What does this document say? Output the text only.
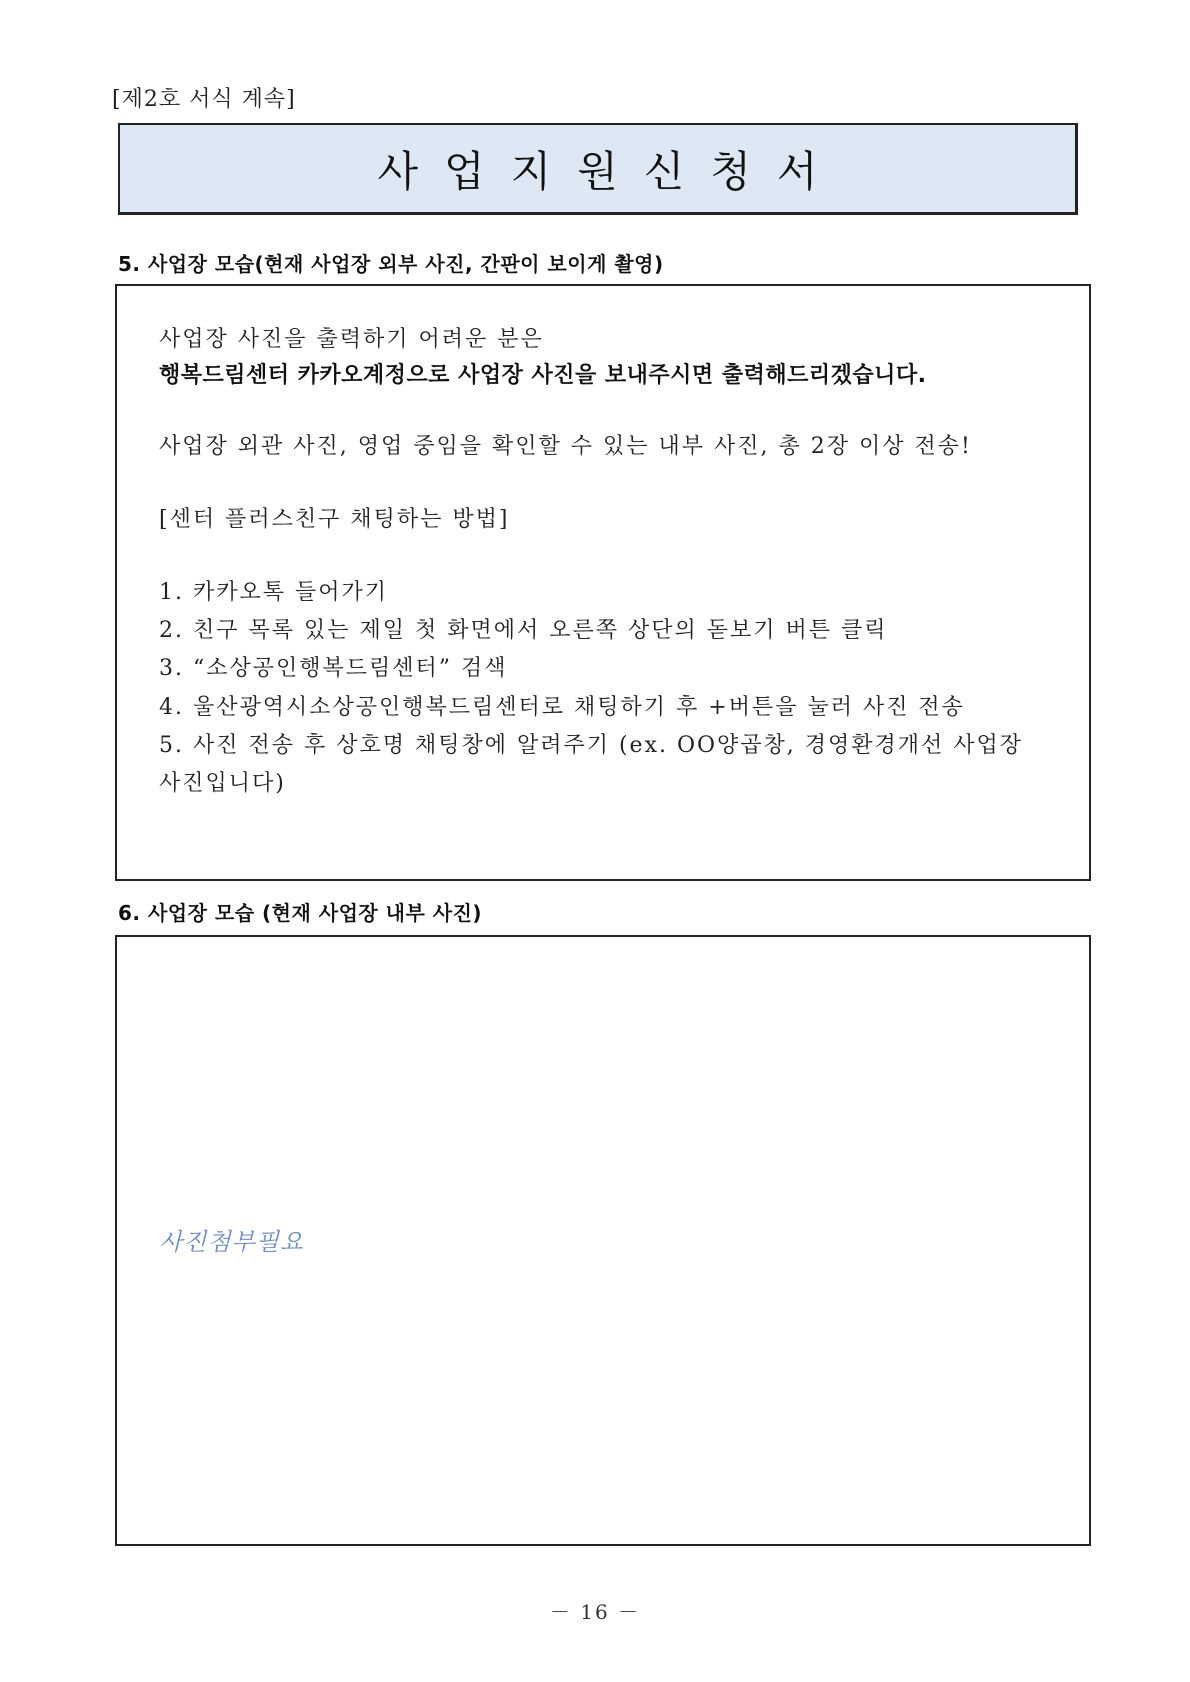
[제2호 서식 계속]
사업지원신청서
5. 사업장 모습(현재 사업장 외부 사진, 간판이 보이게 촬영)
사업장 사진을 출력하기 어려운 분은
행복드림센터 카카오계정으로 사업장 사진을 보내주시면 출력해드리겠습니다.
사업장 외관 사진, 영업 중임을 확인할 수 있는 내부 사진, 총 2장 이상 전송!
[센터 플러스친구 채팅하는 방법]
1. 카카오톡 들어가기
2. 친구 목록 있는 제일 첫 화면에서 오른쪽 상단의 돋보기 버튼 클릭
3. “소상공인행복드림센터” 검색
4. 울산광역시소상공인행복드림센터로 채팅하기 후 +버튼을 눌러 사진 전송
5. 사진 전송 후 상호명 채팅창에 알려주기 (ex. OO양곱창, 경영환경개선 사업장
사진입니다)
6. 사업장 모습 (현재 사업장 내부 사진)
사진첨부필요
－ 16 －
